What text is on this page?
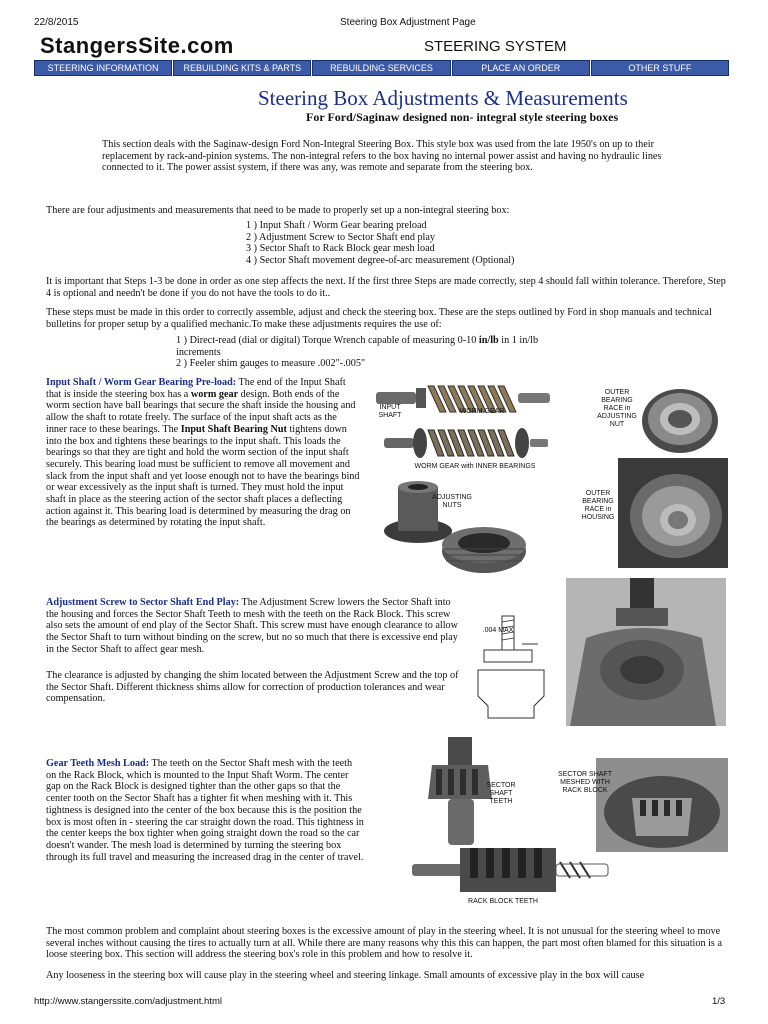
22/8/2015	Steering Box Adjustment Page
StangersSite.com	STEERING SYSTEM
STEERING INFORMATION	REBUILDING KITS & PARTS	REBUILDING SERVICES	PLACE AN ORDER	OTHER STUFF
Steering Box Adjustments & Measurements
For Ford/Saginaw designed non- integral style steering boxes

This section deals with the Saginaw-design Ford Non-Integral Steering Box. This style box was used from the late 1950's on up to their replacement by rack-and-pinion systems. The non-integral refers to the box having no internal power assist and having no hydraulic lines connected to it. The power assist system, if there was any, was remote and separate from the steering box.

There are four adjustments and measurements that need to be made to properly set up a non-integral steering box:

1 ) Input Shaft / Worm Gear bearing preload
2 ) Adjustment Screw to Sector Shaft end play
3 ) Sector Shaft to Rack Block gear mesh load
4 ) Sector Shaft movement degree-of-arc measurement (Optional)

It is important that Steps 1-3 be done in order as one step affects the next. If the first three Steps are made correctly, step 4 should fall within tolerance. Therefore, Step 4 is optional and needn't be done if you do not have the tools to do it..

These steps must be made in this order to correctly assemble, adjust and check the steering box. These are the steps outlined by Ford in shop manuals and technical bulletins for proper setup by a qualified mechanic.To make these adjustments requires the use of:

1 ) Direct-read (dial or digital) Torque Wrench capable of measuring 0-10 in/lb in 1 in/lb
increments
2 ) Feeler shim gauges to measure .002"-.005"

Input Shaft / Worm Gear Bearing Pre-load: The end of the Input Shaft that is inside the steering box has a worm gear design. Both ends of the worm section have ball bearings that secure the shaft inside the housing and allow the shaft to rotate freely. The surface of the input shaft acts as the inner race to these bearings. The Input Shaft Bearing Nut tightens down into the box and tightens these bearings to the input shaft. This loads the bearings so that they are tight and hold the worm section of the input shaft securely. This bearing load must be sufficient to remove all movement and slack from the input shaft and yet loose enough not to have the bearings bind or wear excessively as the input shaft is turned. They must hold the input shaft in place as the steering action of the sector shaft places a deflecting action against it. This bearing load is determined by measuring the drag on the bearings as determined by rotating the input shaft.

Adjustment Screw to Sector Shaft End Play: The Adjustment Screw lowers the Sector Shaft into the housing and forces the Sector Shaft Teeth to mesh with the teeth on the Rack Block. This screw also sets the amount of end play of the Sector Shaft. This screw must have enough clearance to allow the Sector Shaft to turn without binding on the screw, but no so much that there is excessive end play in the Sector Shaft to affect gear mesh.

The clearance is adjusted by changing the shim located between the Adjustment Screw and the top of the Sector Shaft. Different thickness shims allow for correction of production tolerances and wear compensation.

Gear Teeth Mesh Load: The teeth on the Sector Shaft mesh with the teeth on the Rack Block, which is mounted to the Input Shaft Worm. The center gap on the Rack Block is designed tighter than the other gaps so that the center tooth on the Sector Shaft has a tighter fit when meshing with it. This tightness is designed into the center of the box because this is the position the box is most often in - steering the car straight down the road. This tightness in the center keeps the box tighter when going straight down the road so the car doesn't wander. The mesh load is determined by turning the steering box through its full travel and measuring the increased drag in the center of travel.

The most common problem and complaint about steering boxes is the excessive amount of play in the steering wheel. It is not unusual for the steering wheel to move several inches without causing the tires to actually turn at all. While there are many reasons why this this can happen, the part most often blamed for this situation is a loose steering box. This section will address the steering box's role in this problem and how to resolve it.

Any looseness in the steering box will cause play in the steering wheel and steering linkage. Small amounts of excessive play in the box will cause

http://www.stangerssite.com/adjustment.html	1/3
INPUT SHAFT
WORM GEAR
WORM GEAR with INNER BEARINGS
ADJUSTING NUTS
OUTER BEARING RACE in ADJUSTING NUT
OUTER BEARING RACE in HOUSING
.004 MAX
SECTOR SHAFT TEETH
SECTOR SHAFT MESHED WITH RACK BLOCK
RACK BLOCK TEETH
